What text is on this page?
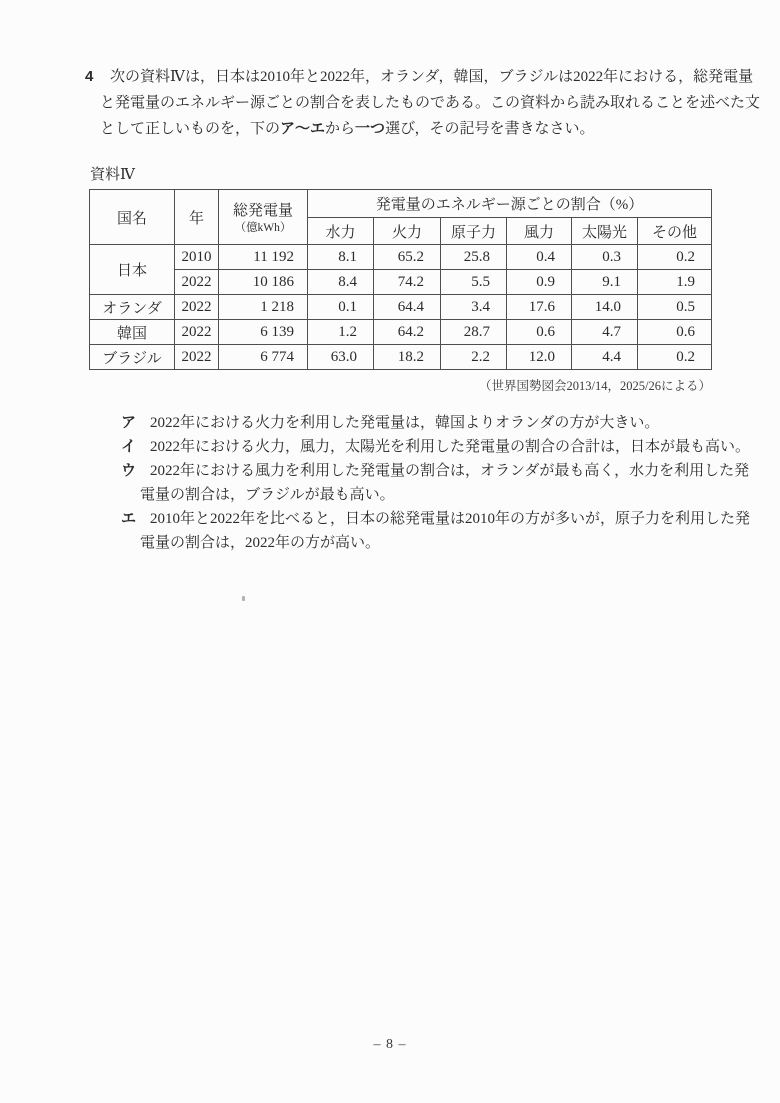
4 次の資料Ⅳは，日本は2010年と2022年，オランダ，韓国，ブラジルは2022年における，総発電量
と発電量のエネルギー源ごとの割合を表したものである。この資料から読み取れることを述べた文
として正しいものを，下のア〜エから一つ選び，その記号を書きなさい。
資料Ⅳ
国名	年	総発電量
（億kWh）	発電量のエネルギー源ごとの割合（%）					
			水力	火力	原子力	風力	太陽光	その他
日本	2010	11 192	8.1	65.2	25.8	0.4	0.3	0.2
	2022	10 186	8.4	74.2	5.5	0.9	9.1	1.9
オランダ	2022	1 218	0.1	64.4	3.4	17.6	14.0	0.5
韓国	2022	6 139	1.2	64.2	28.7	0.6	4.7	0.6
ブラジル	2022	6 774	63.0	18.2	2.2	12.0	4.4	0.2
（世界国勢図会2013/14，2025/26による）
ア 2022年における火力を利用した発電量は，韓国よりオランダの方が大きい。
イ 2022年における火力，風力，太陽光を利用した発電量の割合の合計は，日本が最も高い。
ウ 2022年における風力を利用した発電量の割合は，オランダが最も高く，水力を利用した発
電量の割合は，ブラジルが最も高い。
エ 2010年と2022年を比べると，日本の総発電量は2010年の方が多いが，原子力を利用した発
電量の割合は，2022年の方が高い。
– 8 –
